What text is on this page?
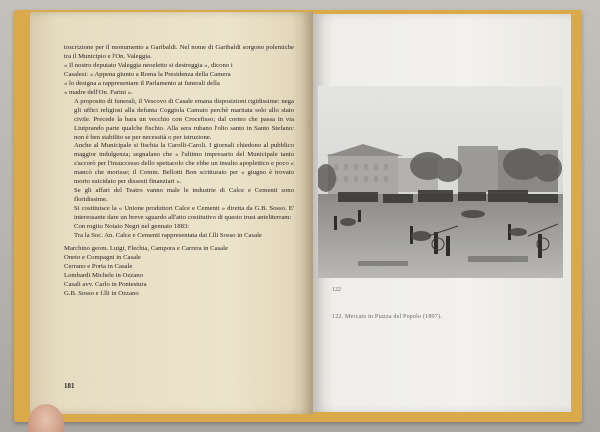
toscrizione per il monumento a Garibaldi. Nel nome di Garibaldi sorgono polemiche tra il Municipio e l'On. Valeggia.

« Il nostro deputato Valeggia neoeletto si destreggia », dicono i

Casalesi: « Appena giunto a Roma la Presidenza della Camera

« lo designa a rappresentare il Parlamento ai funerali della

« madre dell'On. Farini ».

A proposito di funerali, il Vescovo di Casale emana disposizioni rigidissime: nega gli uffici religiosi alla defunta Coggiola Camuto perchè maritata solo allo stato civile. Precede la bara un vecchio con Crocefisso; dal corteo che passa in via Liutprando parte qualche fischio. Alla sera rubano l'olio santo in Santo Stefano: non è ben stabilito se per necessità o per istruzione.

Anche al Municipale si fischia la Carolli-Caroli. I giornali chiedono al pubblico maggior indulgenza; segnalano che « l'ultimo impresario del Municipale tanto s'accorò per l'insuccesso dello spettacolo che ebbe un insulto apoplettico e poco « mancò che morisse; il Comm. Bellotti Bon scritturato per « giugno è trovato morto suicidato per dissesti finanziari ».

Se gli affari del Teatro vanno male le industrie di Calce e Cementi sono floridissime.

Si costituisce la « Unione produttori Calce e Cementi » diretta da G.B. Sosso. E' interessante dare un breve sguardo all'atto costitutivo di questo trust anteliterram:

Con rogito Notaio Negri nel gennaio 1883:

Tra la Soc. An. Calce e Cementi rappresentata dai f.lli Sosso in Casale

Marchino geom. Luigi, Flechia, Campora e Carrera in Casale

Oneto e Compagni in Casale

Cerrano e Porta in Casale

Lombardi Michele in Ozzano

Casali avv. Carlo in Pontestura

G.B. Sosso e f.lli in Ozzano

181
122
122. Mercato in Piazza del Popolo (1897).
